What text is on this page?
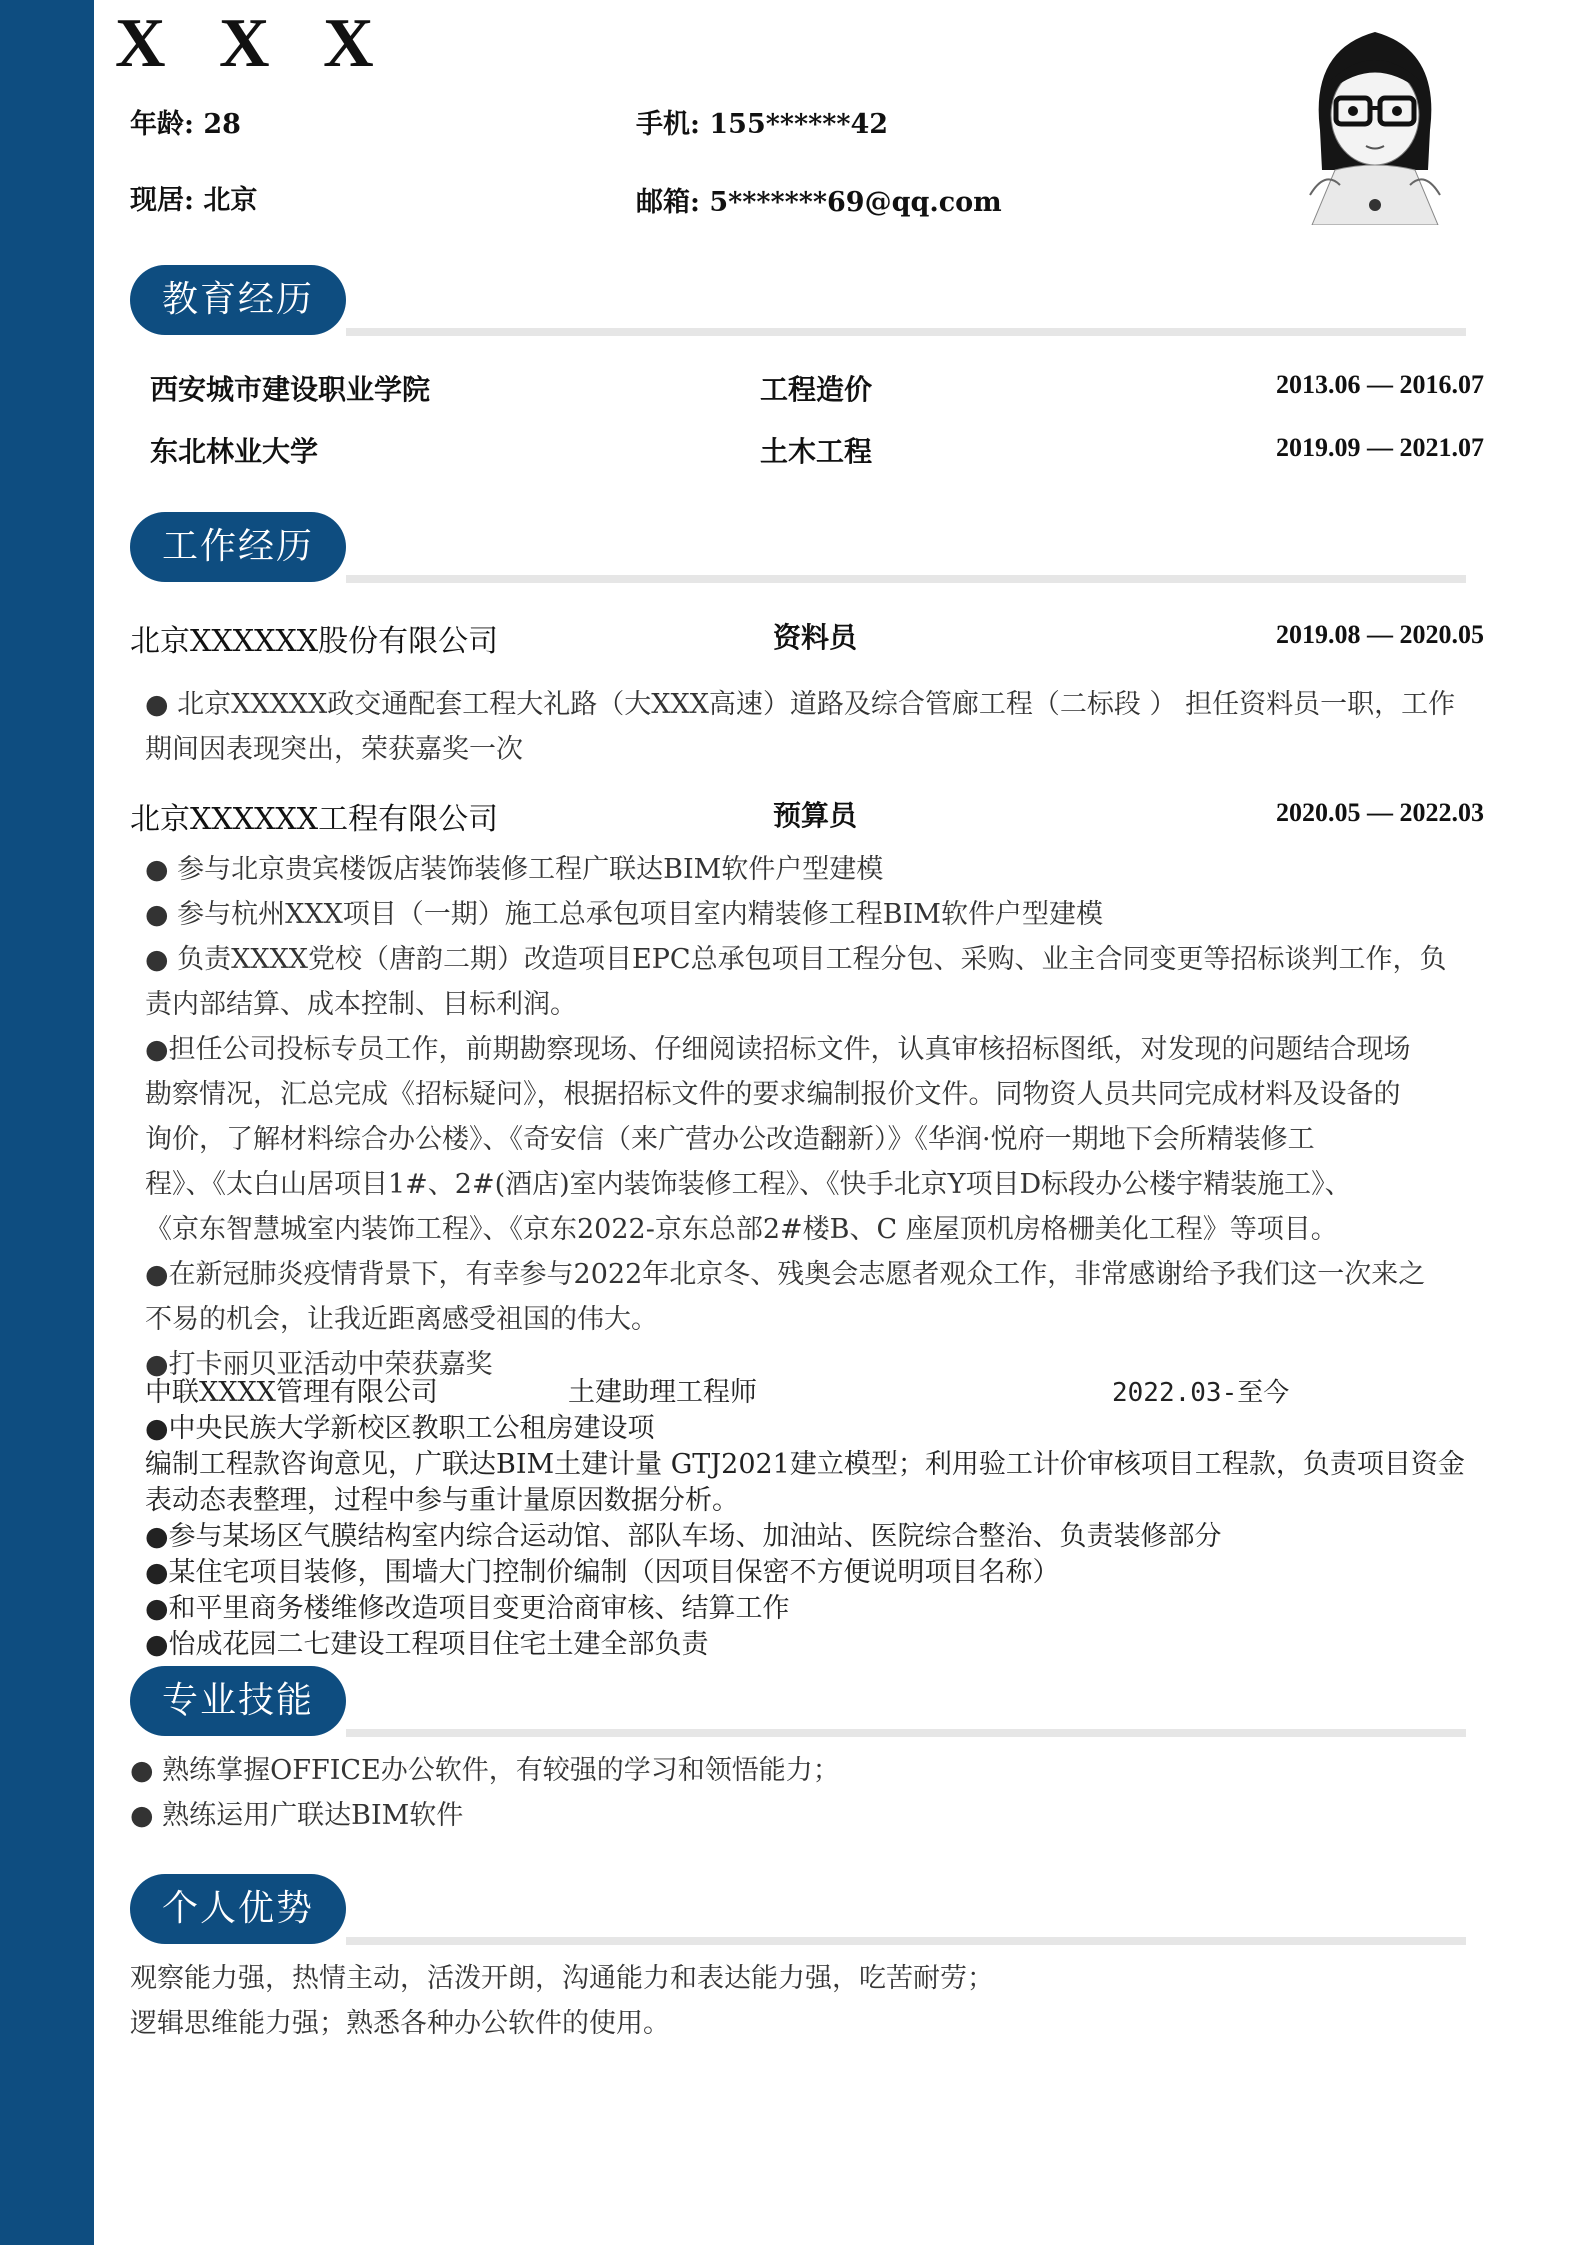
X X X
年龄: 28	手机: 155******42
现居: 北京	邮箱: 5*******69@qq.com
教育经历
西安城市建设职业学院	工程造价	2013.06 — 2016.07
东北林业大学	土木工程	2019.09 — 2021.07
工作经历
北京XXXXXX股份有限公司	资料员	2019.08 — 2020.05
● 北京XXXXX政交通配套工程大礼路（大XXX高速）道路及综合管廊工程（二标段 ） 担任资料员一职，工作
期间因表现突出，荣获嘉奖一次
北京XXXXXX工程有限公司	预算员	2020.05 — 2022.03
● 参与北京贵宾楼饭店装饰装修工程广联达BIM软件户型建模
● 参与杭州XXX项目（一期）施工总承包项目室内精装修工程BIM软件户型建模
● 负责XXXX党校（唐韵二期）改造项目EPC总承包项目工程分包、采购、业主合同变更等招标谈判工作，负
责内部结算、成本控制、目标利润。
●担任公司投标专员工作，前期勘察现场、仔细阅读招标文件，认真审核招标图纸，对发现的问题结合现场
勘察情况，汇总完成《招标疑问》，根据招标文件的要求编制报价文件。同物资人员共同完成材料及设备的
询价，了解材料综合办公楼》、《奇安信（来广营办公改造翻新）》《华润·悦府一期地下会所精装修工
程》、《太白山居项目1#、2#(酒店)室内装饰装修工程》、《快手北京Y项目D标段办公楼宇精装施工》、
《京东智慧城室内装饰工程》、《京东2022-京东总部2#楼B、C 座屋顶机房格栅美化工程》等项目。
●在新冠肺炎疫情背景下，有幸参与2022年北京冬、残奥会志愿者观众工作，非常感谢给予我们这一次来之
不易的机会，让我近距离感受祖国的伟大。
●打卡丽贝亚活动中荣获嘉奖
中联XXXX管理有限公司	土建助理工程师	2022.03-至今
●中央民族大学新校区教职工公租房建设项
编制工程款咨询意见，广联达BIM土建计量 GTJ2021建立模型；利用验工计价审核项目工程款，负责项目资金
表动态表整理，过程中参与重计量原因数据分析。
●参与某场区气膜结构室内综合运动馆、部队车场、加油站、医院综合整治、负责装修部分
●某住宅项目装修，围墙大门控制价编制（因项目保密不方便说明项目名称）
●和平里商务楼维修改造项目变更洽商审核、结算工作
●怡成花园二七建设工程项目住宅土建全部负责
专业技能
● 熟练掌握OFFICE办公软件，有较强的学习和领悟能力；
● 熟练运用广联达BIM软件
个人优势
观察能力强，热情主动，活泼开朗，沟通能力和表达能力强，吃苦耐劳；
逻辑思维能力强；熟悉各种办公软件的使用。
